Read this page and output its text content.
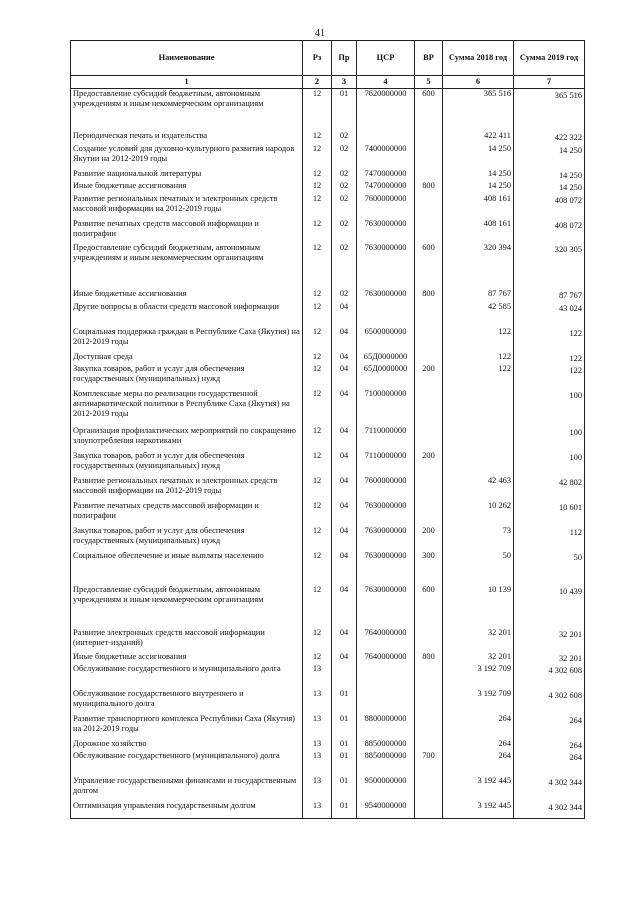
41
Наименование	Рз	Пр	ЦСР	ВР	Сумма 2018 год	Сумма 2019 год
1	2	3	4	5	6	7
Предоставление субсидий бюджетным, автономным учреждениям и иным некоммерческим организациям	12	01	7620000000	600	365 516	365 516
Периодическая печать и издательства	12	02			422 411	422 322
Создание условий для духовно-культурного развития народов Якутии на 2012-2019 годы	12	02	7400000000		14 250	14 250
Развитие национальной литературы	12	02	7470000000		14 250	14 250
Иные бюджетные ассигнования	12	02	7470000000	800	14 250	14 250
Развитие региональных печатных и электронных средств массовой информации на 2012-2019 годы	12	02	7600000000		408 161	408 072
Развитие печатных средств массовой информации и полиграфии	12	02	7630000000		408 161	408 072
Предоставление субсидий бюджетным, автономным учреждениям и иным некоммерческим организациям	12	02	7630000000	600	320 394	320 305
Иные бюджетные ассигнования	12	02	7630000000	800	87 767	87 767
Другие вопросы в области средств массовой информации	12	04			42 585	43 024
Социальная поддержка граждан в Республике Саха (Якутия) на 2012-2019 годы	12	04	6500000000		122	122
Доступная среда	12	04	65Д0000000		122	122
Закупка товаров, работ и услуг для обеспечения государственных (муниципальных) нужд	12	04	65Д0000000	200	122	122
Комплексные меры по реализации государственной антинаркотической политики в Республике Саха (Якутия) на 2012-2019 годы	12	04	7100000000			100
Организация профилактических мероприятий по сокращению злоупотребления наркотиками	12	04	7110000000			100
Закупка товаров, работ и услуг для обеспечения государственных (муниципальных) нужд	12	04	7110000000	200		100
Развитие региональных печатных и электронных средств массовой информации на 2012-2019 годы	12	04	7600000000		42 463	42 802
Развитие печатных средств массовой информации и полиграфии	12	04	7630000000		10 262	10 601
Закупка товаров, работ и услуг для обеспечения государственных (муниципальных) нужд	12	04	7630000000	200	73	112
Социальное обеспечение и иные выплаты населению	12	04	7630000000	300	50	50
Предоставление субсидий бюджетным, автономным учреждениям и иным некоммерческим организациям	12	04	7630000000	600	10 139	10 439
Развитие электронных средств массовой информации (интернет-изданий)	12	04	7640000000		32 201	32 201
Иные бюджетные ассигнования	12	04	7640000000	800	32 201	32 201
Обслуживание государственного и муниципального долга	13				3 192 709	4 302 608
Обслуживание государственного внутреннего и муниципального долга	13	01			3 192 709	4 302 608
Развитие транспортного комплекса Республики Саха (Якутия) на 2012-2019 годы	13	01	8800000000		264	264
Дорожное хозяйство	13	01	8850000000		264	264
Обслуживание государственного (муниципального) долга	13	01	8850000000	700	264	264
Управление государственными финансами и государственным долгом	13	01	9500000000		3 192 445	4 302 344
Оптимизация управления государственным долгом	13	01	9540000000		3 192 445	4 302 344
